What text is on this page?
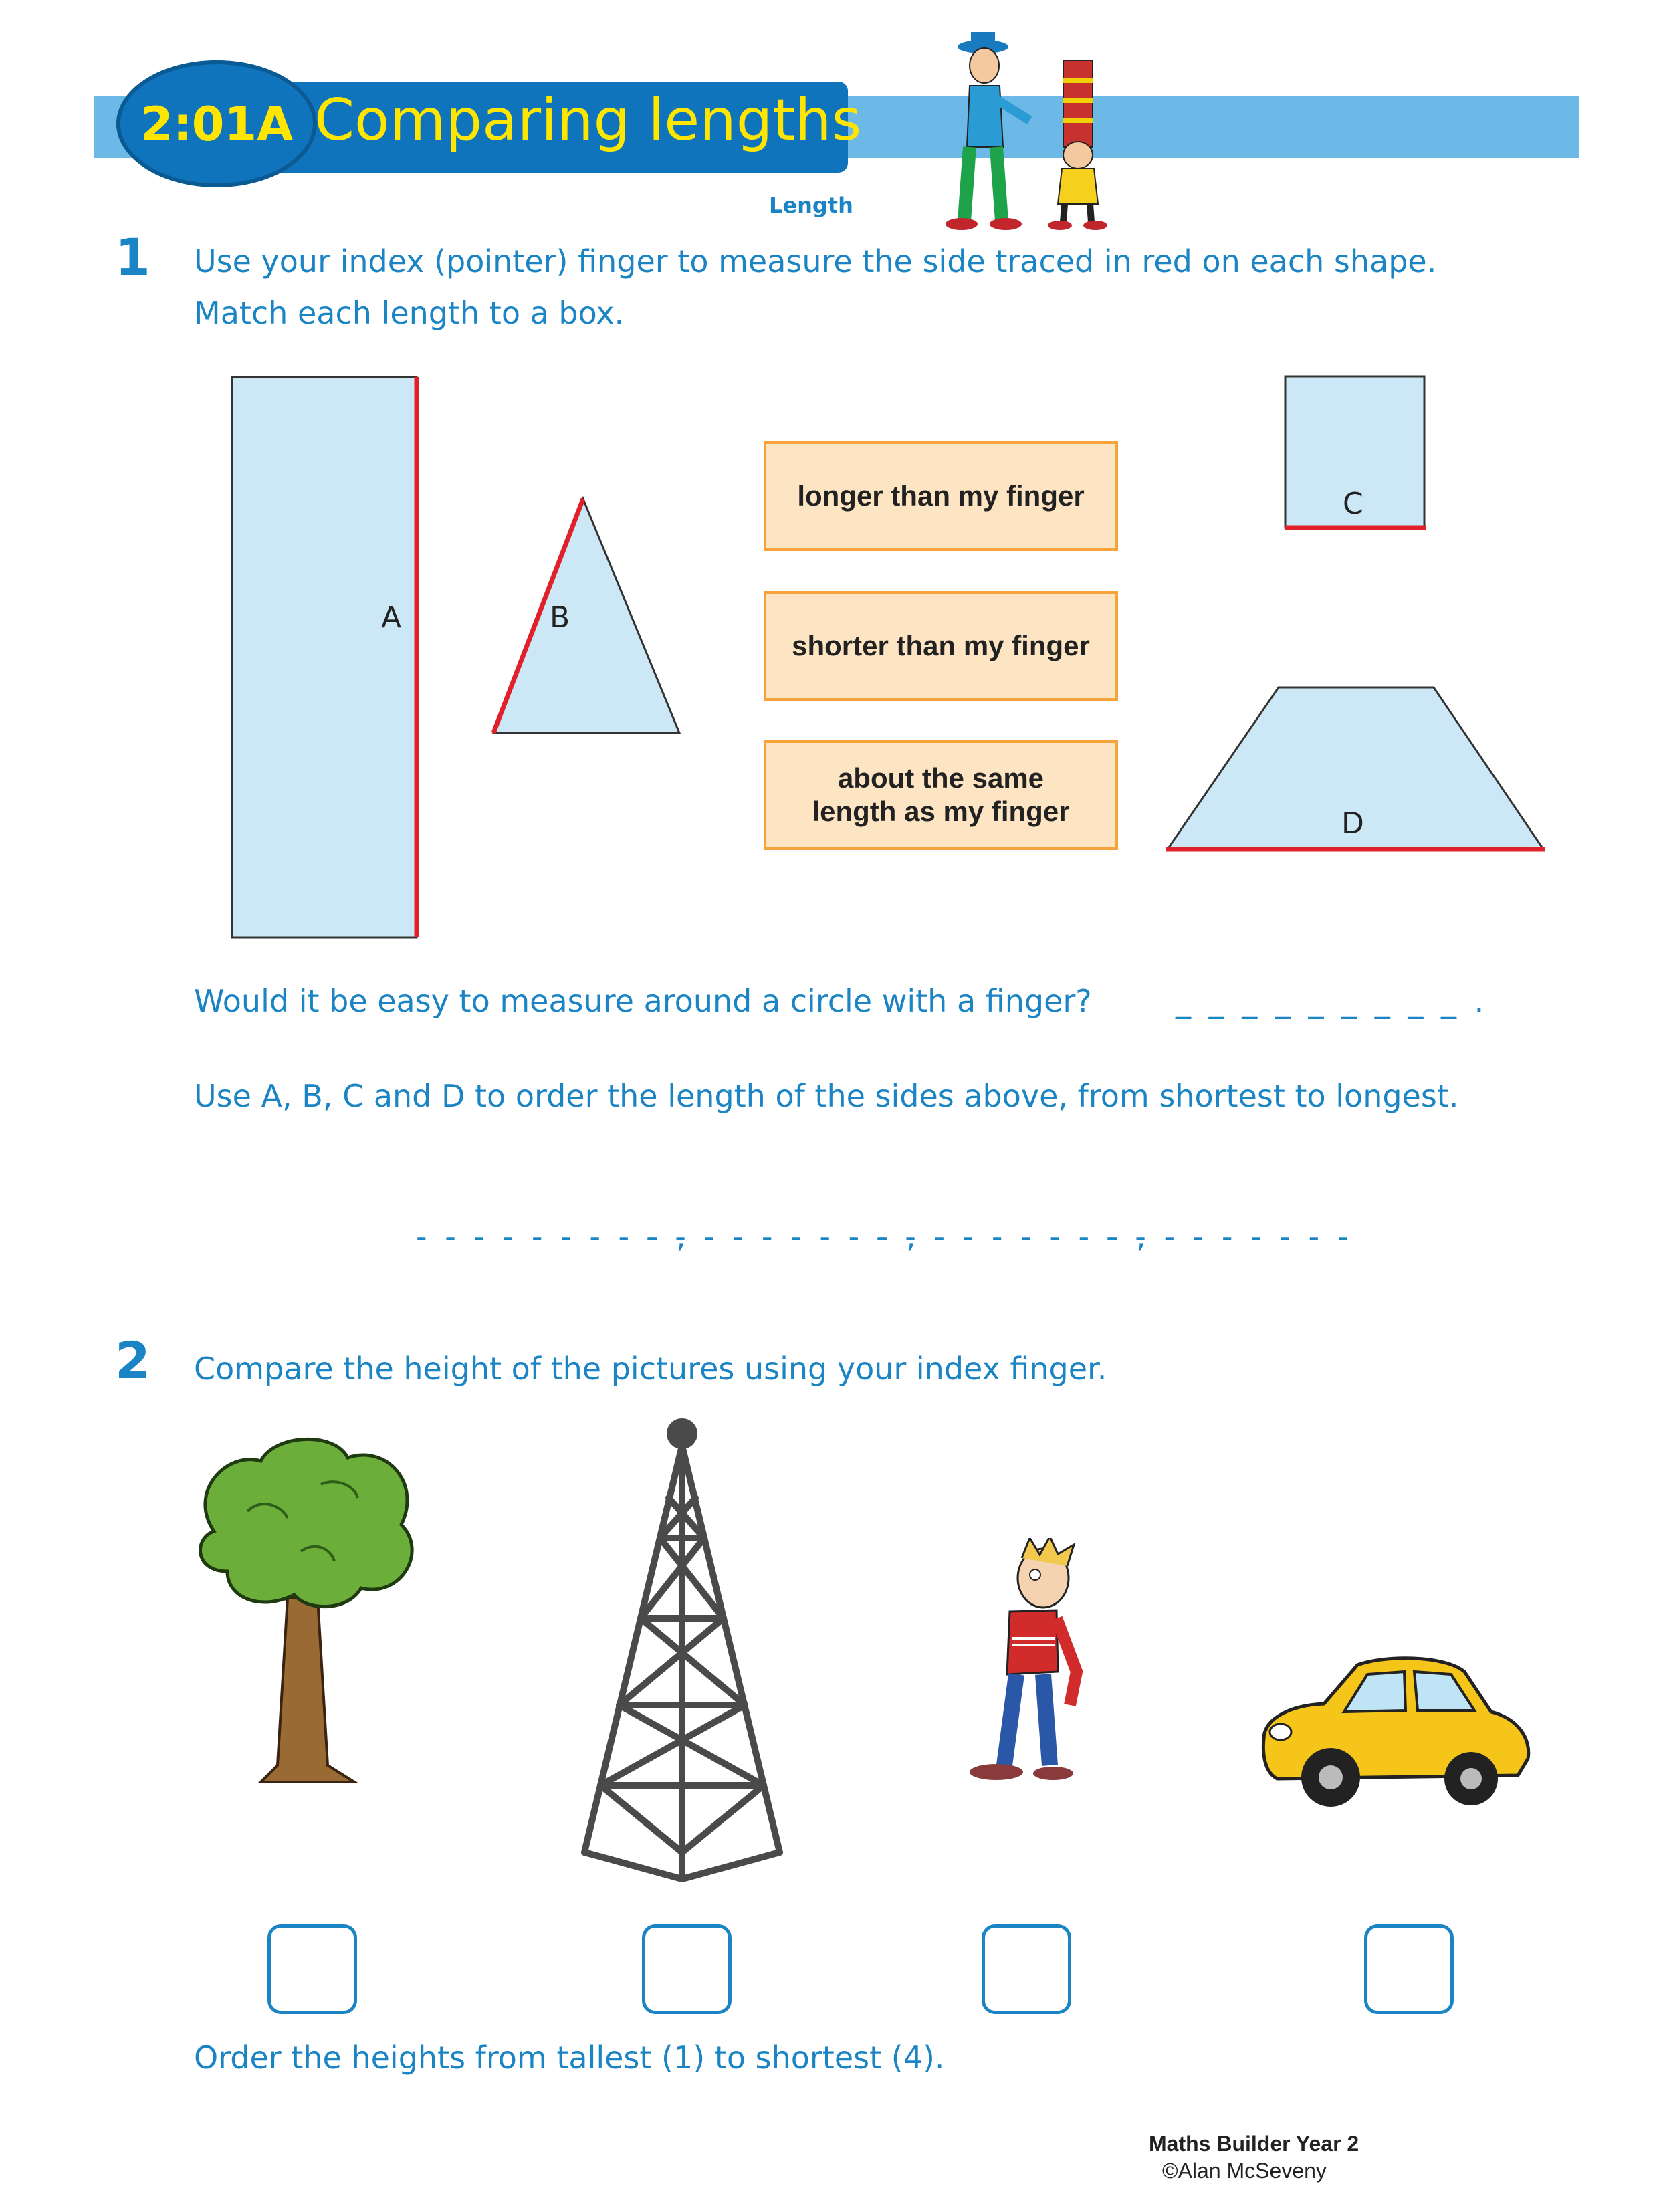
2:01A Comparing lengths
Length
1 Use your index (pointer) finger to measure the side traced in red on each shape.
Match each length to a box.
A	B
C
D
longer than my finger
shorter than my finger
about the same length as my finger
Would it be easy to measure around a circle with a finger?	_ _ _ _ _ _ _ _ _ .
Use A, B, C and D to order the length of the sides above, from shortest to longest.
- - - - - - - - - ,
- - - - - - - - - ,
- - - - - - - - - ,
- - - - - - - - -
2 Compare the height of the pictures using your index finger.
Order the heights from tallest (1) to shortest (4).
Maths Builder Year 2
©Alan McSeveny
